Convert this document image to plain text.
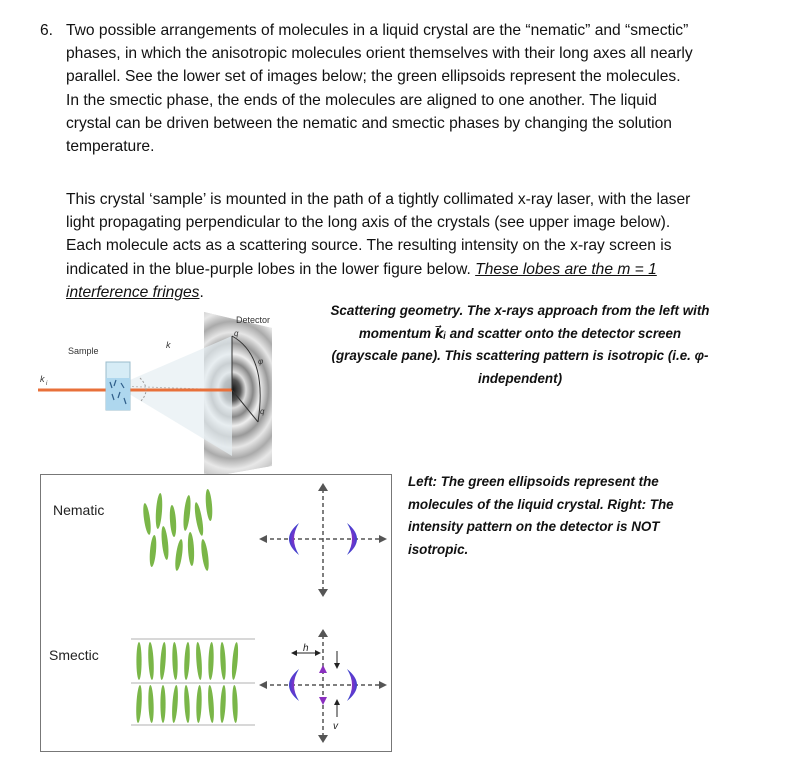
6. Two possible arrangements of molecules in a liquid crystal are the “nematic” and “smectic”
phases, in which the anisotropic molecules orient themselves with their long axes all nearly
parallel. See the lower set of images below; the green ellipsoids represent the molecules.
In the smectic phase, the ends of the molecules are aligned to one another. The liquid
crystal can be driven between the nematic and smectic phases by changing the solution
temperature.
This crystal ‘sample’ is mounted in the path of a tightly collimated x-ray laser, with the laser
light propagating perpendicular to the long axis of the crystals (see upper image below).
Each molecule acts as a scattering source. The resulting intensity on the x-ray screen is
indicated in the blue-purple lobes in the lower figure below. These lobes are the m = 1
interference fringes.
Detector
q
φ
q
Sample
k i
k
Scattering geometry. The x-rays approach from the left with
momentum k⃗ᵢ and scatter onto the detector screen
(grayscale pane). This scattering pattern is isotropic (i.e. φ-
independent)
Nematic
Smectic	h
v
Left: The green ellipsoids represent the
molecules of the liquid crystal. Right: The
intensity pattern on the detector is NOT
isotropic.
